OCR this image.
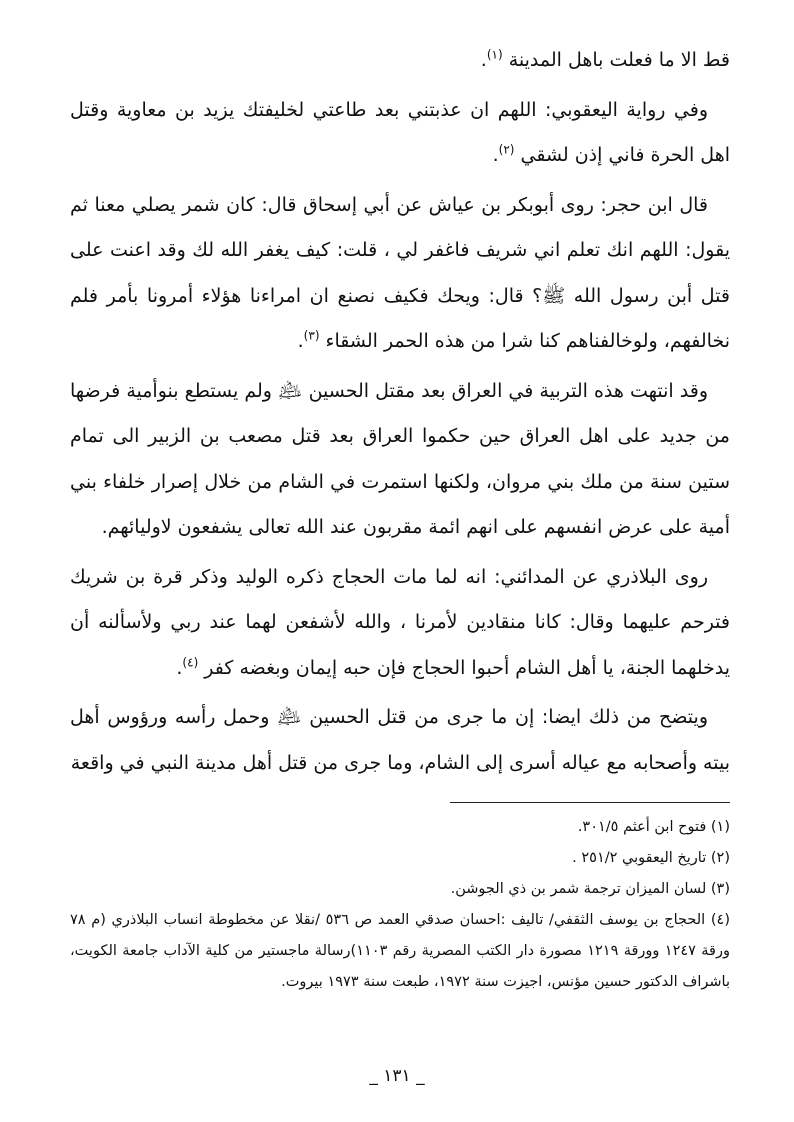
قط الا ما فعلت باهل المدينة $^{(١)}$.

وفي رواية اليعقوبي: اللهم ان عذبتني بعد طاعتي لخليفتك يزيد بن معاوية وقتل اهل الحرة فاني إذن لشقي $^{(٢)}$.

قال ابن حجر: روى أبوبكر بن عياش عن أبي إسحاق قال: كان شمر يصلي معنا ثم يقول: اللهم انك تعلم اني شريف فاغفر لي ، قلت: كيف يغفر الله لك وقد اعنت على قتل أبن رسول الله ﷺ؟ قال: ويحك فكيف نصنع ان امراءنا هؤلاء أمرونا بأمر فلم نخالفهم، ولوخالفناهم كنا شرا من هذه الحمر الشقاء $^{(٣)}$.

وقد انتهت هذه التربية في العراق بعد مقتل الحسين ﵇ ولم يستطع بنوأمية فرضها من جديد على اهل العراق حين حكموا العراق بعد قتل مصعب بن الزبير الى تمام ستين سنة من ملك بني مروان، ولكنها استمرت في الشام من خلال إصرار خلفاء بني أمية على عرض انفسهم على انهم ائمة مقربون عند الله تعالى يشفعون لاوليائهم.

روى البلاذري عن المدائني: انه لما مات الحجاج ذكره الوليد وذكر قرة بن شريك فترحم عليهما وقال: كانا منقادين لأمرنا ، والله لأشفعن لهما عند ربي ولأسألنه أن يدخلهما الجنة، يا أهل الشام أحبوا الحجاج فإن حبه إيمان وبغضه كفر $^{(٤)}$.

ويتضح من ذلك ايضا: إن ما جرى من قتل الحسين ﵇ وحمل رأسه ورؤوس أهل بيته وأصحابه مع عياله أسرى إلى الشام، وما جرى من قتل أهل مدينة النبي في واقعة

(١) فتوح ابن أعثم ٣٠١/٥.

(٢) تاريخ اليعقوبي ٢٥١/٢ .

(٣) لسان الميزان ترجمة شمر بن ذي الجوشن.

(٤) الحجاج بن يوسف الثقفي/ تاليف :احسان صدقي العمد ص ٥٣٦ /نقلا عن مخطوطة انساب البلاذري (م ٧٨ ورقة ١٢٤٧ وورقة ١٢١٩ مصورة دار الكتب المصرية رقم ١١٠٣)رسالة ماجستير من كلية الآداب جامعة الكويت، باشراف الدكتور حسين مؤنس، اجيزت سنة ١٩٧٢، طبعت سنة ١٩٧٣ بيروت.

_ ١٣١ _
